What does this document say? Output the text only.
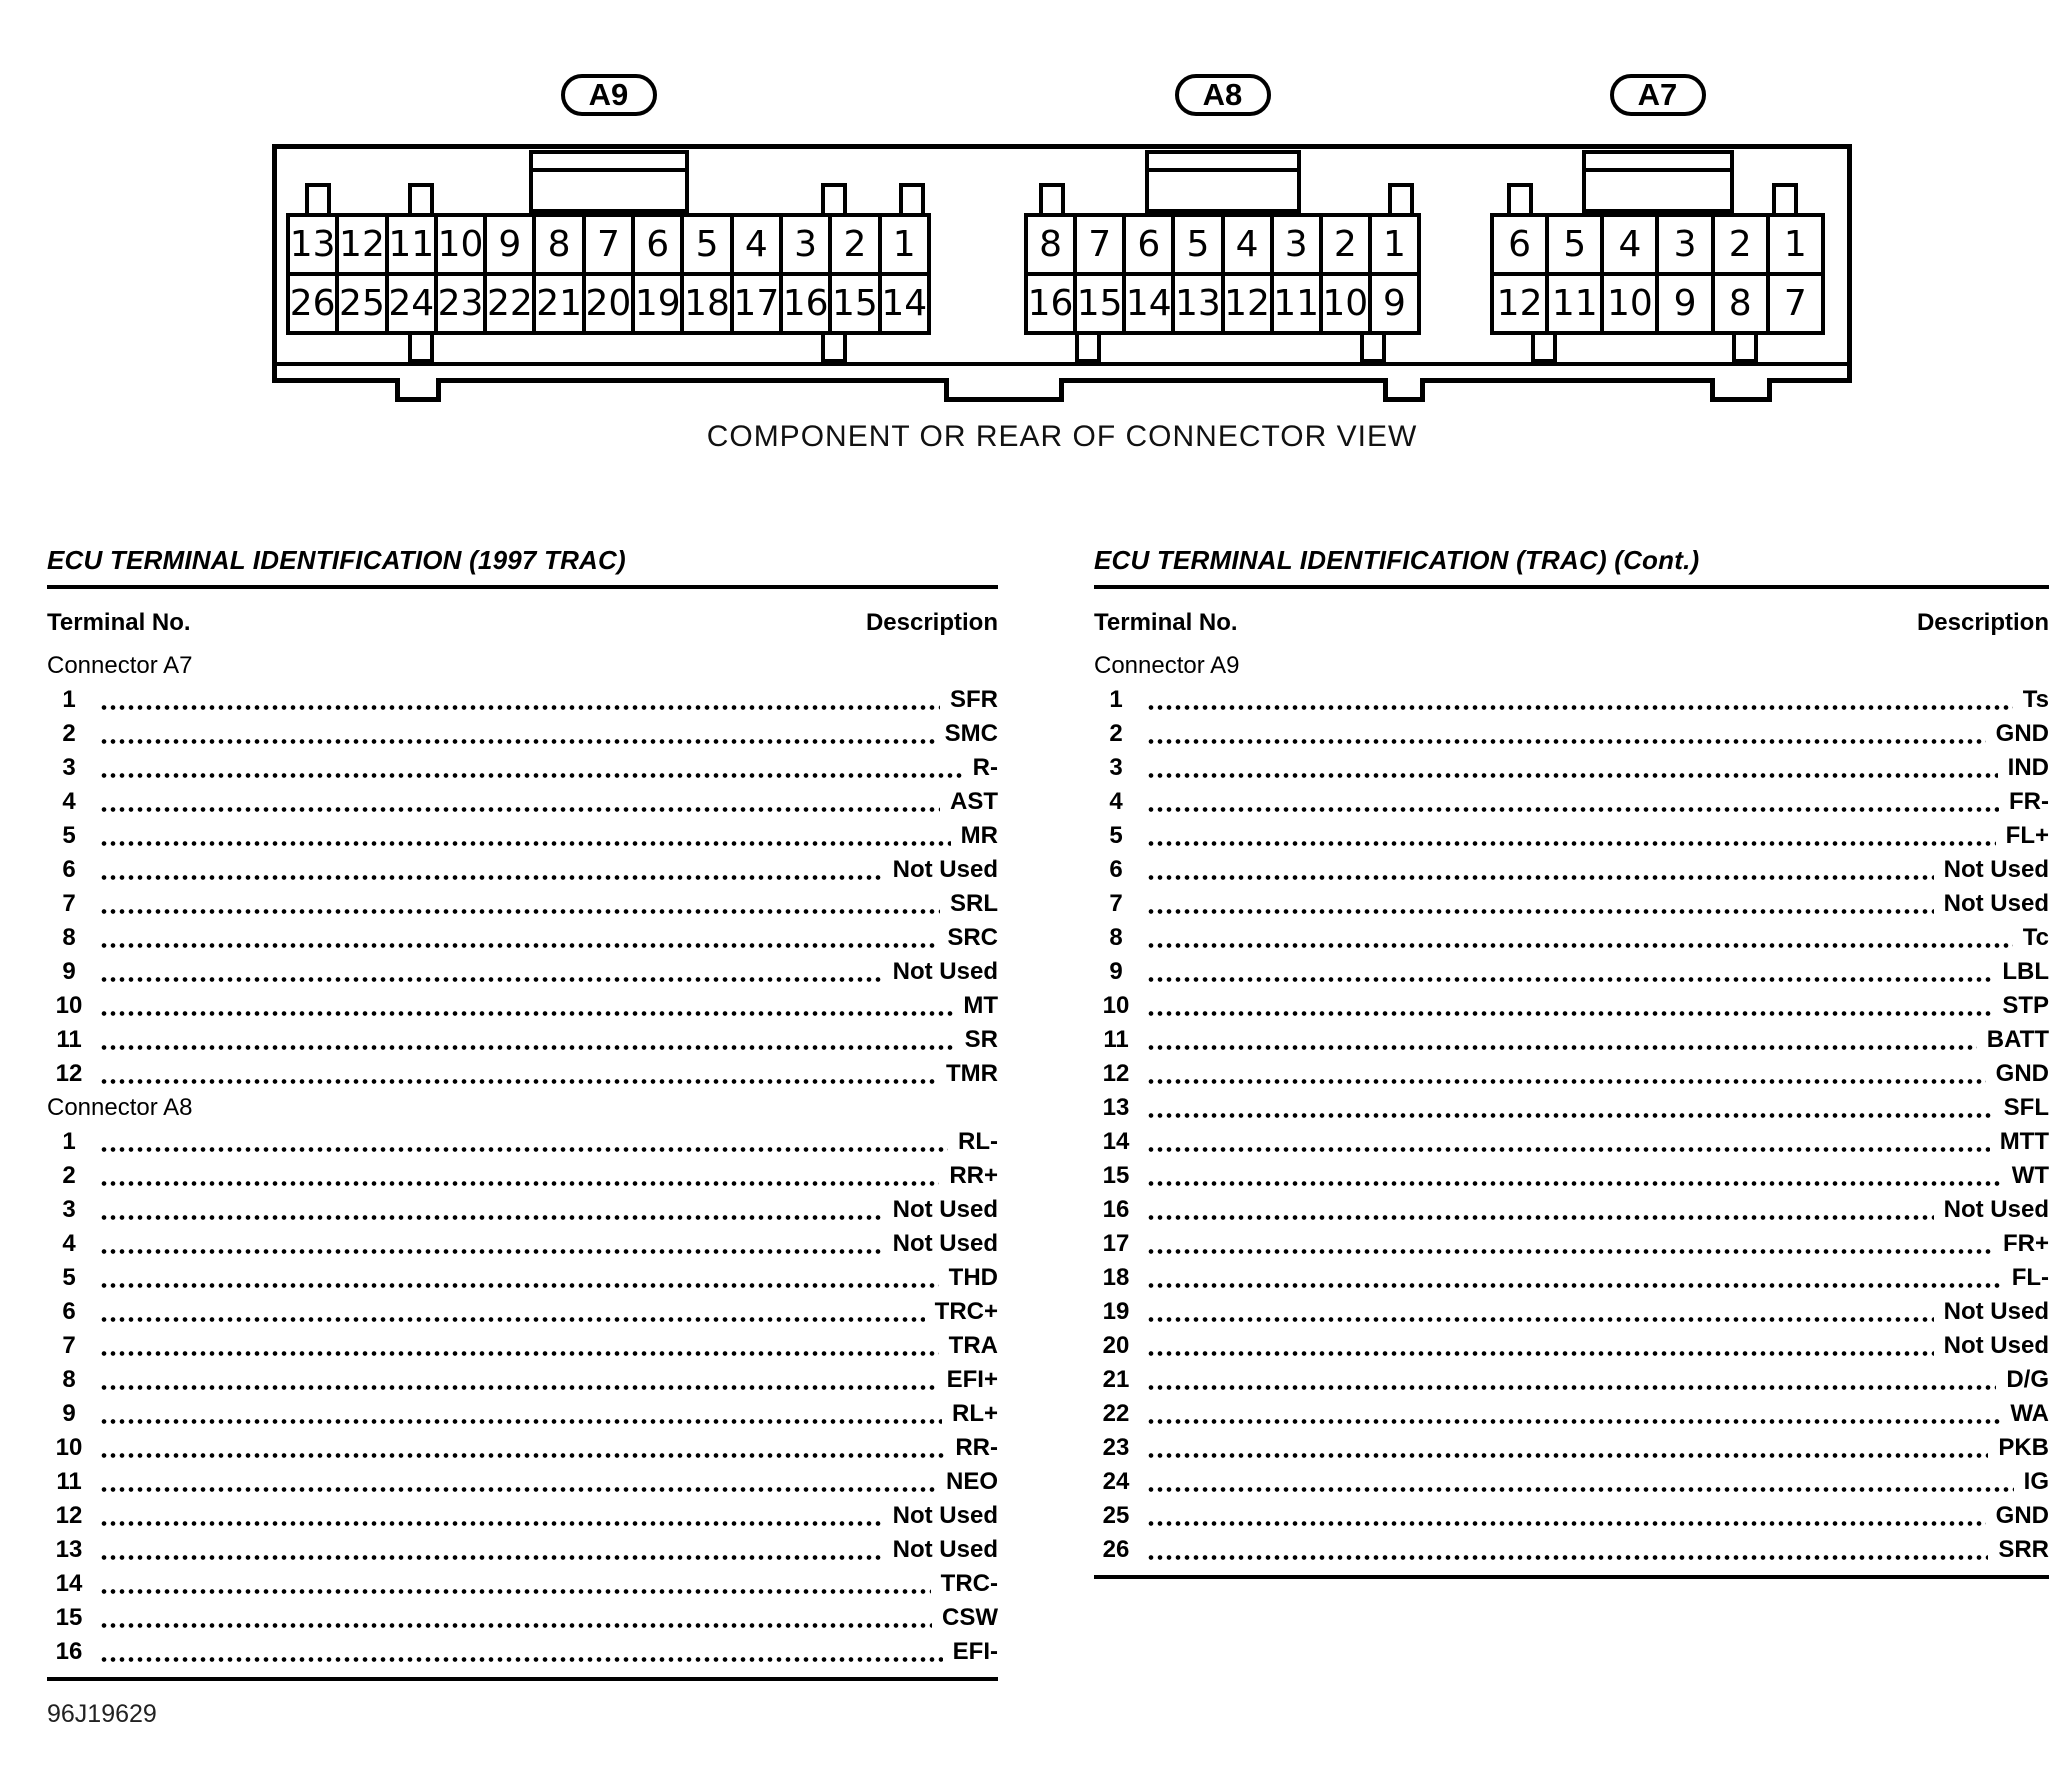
A9
13 12 11 10 9 8 7 6 5 4 3 2 1
26 25 24 23 22 21 20 19 18 17 16 15 14
A8
8 7 6 5 4 3 2 1
16 15 14 13 12 11 10 9
A7
6 5 4 3 2 1
12 11 10 9 8 7
COMPONENT OR REAR OF CONNECTOR VIEW
ECU TERMINAL IDENTIFICATION (1997 TRAC)
Terminal No.	Description
Connector A7
1	SFR
2	SMC
3	R-
4	AST
5	MR
6	Not Used
7	SRL
8	SRC
9	Not Used
10	MT
11	SR
12	TMR
Connector A8
1	RL-
2	RR+
3	Not Used
4	Not Used
5	THD
6	TRC+
7	TRA
8	EFI+
9	RL+
10	RR-
11	NEO
12	Not Used
13	Not Used
14	TRC-
15	CSW
16	EFI-
ECU TERMINAL IDENTIFICATION (TRAC) (Cont.)
Terminal No.	Description
Connector A9
1	Ts
2	GND
3	IND
4	FR-
5	FL+
6	Not Used
7	Not Used
8	Tc
9	LBL
10	STP
11	BATT
12	GND
13	SFL
14	MTT
15	WT
16	Not Used
17	FR+
18	FL-
19	Not Used
20	Not Used
21	D/G
22	WA
23	PKB
24	IG
25	GND
26	SRR
96J19629
